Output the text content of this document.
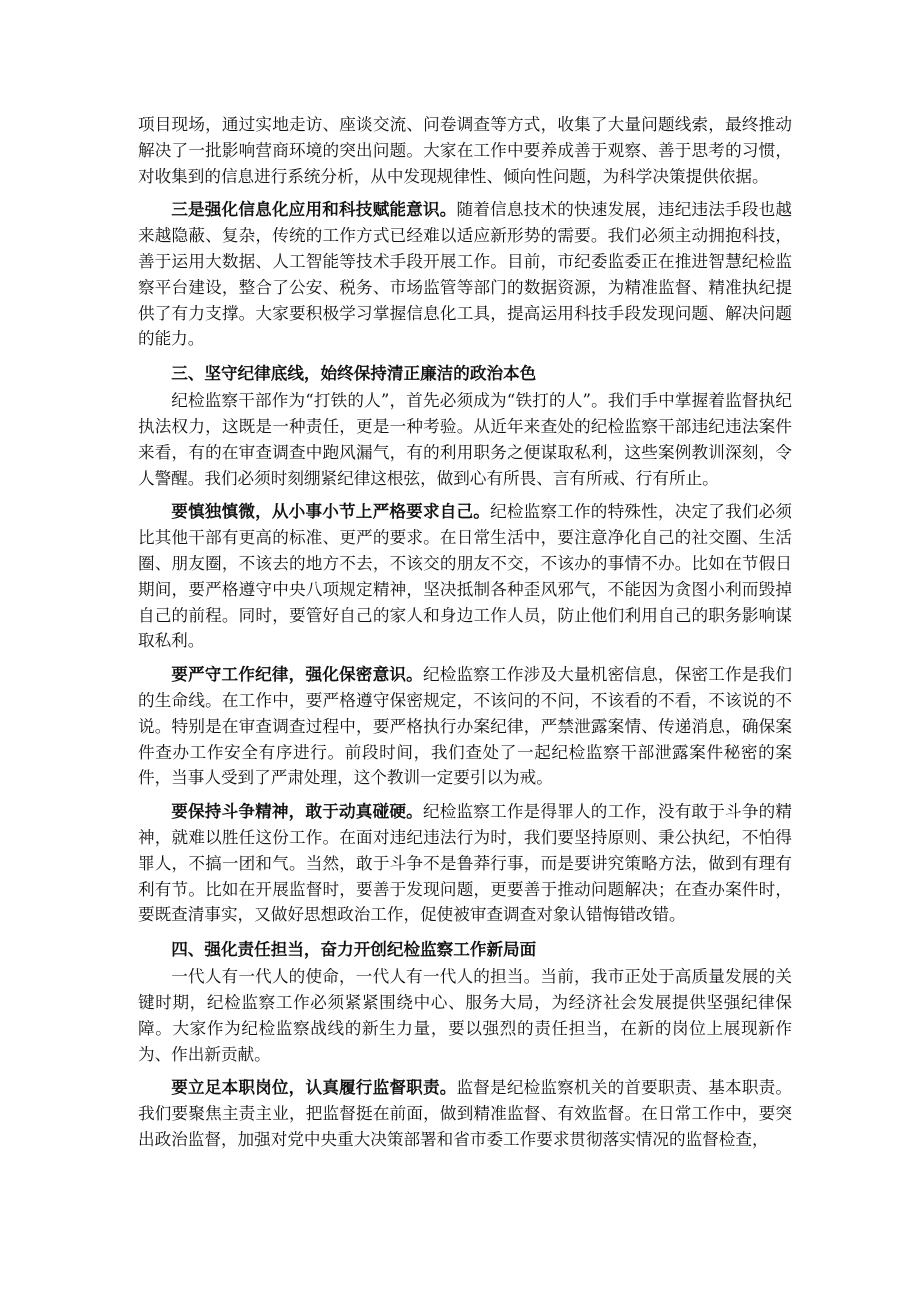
项目现场，通过实地走访、座谈交流、问卷调查等方式，收集了大量问题线索，最终推动解决了一批影响营商环境的突出问题。大家在工作中要养成善于观察、善于思考的习惯，对收集到的信息进行系统分析，从中发现规律性、倾向性问题，为科学决策提供依据。

三是强化信息化应用和科技赋能意识。随着信息技术的快速发展，违纪违法手段也越来越隐蔽、复杂，传统的工作方式已经难以适应新形势的需要。我们必须主动拥抱科技，善于运用大数据、人工智能等技术手段开展工作。目前，市纪委监委正在推进智慧纪检监察平台建设，整合了公安、税务、市场监管等部门的数据资源，为精准监督、精准执纪提供了有力支撑。大家要积极学习掌握信息化工具，提高运用科技手段发现问题、解决问题的能力。

三、坚守纪律底线，始终保持清正廉洁的政治本色

纪检监察干部作为“打铁的人”，首先必须成为“铁打的人”。我们手中掌握着监督执纪执法权力，这既是一种责任，更是一种考验。从近年来查处的纪检监察干部违纪违法案件来看，有的在审查调查中跑风漏气，有的利用职务之便谋取私利，这些案例教训深刻，令人警醒。我们必须时刻绷紧纪律这根弦，做到心有所畏、言有所戒、行有所止。

要慎独慎微，从小事小节上严格要求自己。纪检监察工作的特殊性，决定了我们必须比其他干部有更高的标准、更严的要求。在日常生活中，要注意净化自己的社交圈、生活圈、朋友圈，不该去的地方不去，不该交的朋友不交，不该办的事情不办。比如在节假日期间，要严格遵守中央八项规定精神，坚决抵制各种歪风邪气，不能因为贪图小利而毁掉自己的前程。同时，要管好自己的家人和身边工作人员，防止他们利用自己的职务影响谋取私利。

要严守工作纪律，强化保密意识。纪检监察工作涉及大量机密信息，保密工作是我们的生命线。在工作中，要严格遵守保密规定，不该问的不问，不该看的不看，不该说的不说。特别是在审查调查过程中，要严格执行办案纪律，严禁泄露案情、传递消息，确保案件查办工作安全有序进行。前段时间，我们查处了一起纪检监察干部泄露案件秘密的案件，当事人受到了严肃处理，这个教训一定要引以为戒。

要保持斗争精神，敢于动真碰硬。纪检监察工作是得罪人的工作，没有敢于斗争的精神，就难以胜任这份工作。在面对违纪违法行为时，我们要坚持原则、秉公执纪，不怕得罪人，不搞一团和气。当然，敢于斗争不是鲁莽行事，而是要讲究策略方法，做到有理有利有节。比如在开展监督时，要善于发现问题，更要善于推动问题解决；在查办案件时，要既查清事实，又做好思想政治工作，促使被审查调查对象认错悔错改错。

四、强化责任担当，奋力开创纪检监察工作新局面

一代人有一代人的使命，一代人有一代人的担当。当前，我市正处于高质量发展的关键时期，纪检监察工作必须紧紧围绕中心、服务大局，为经济社会发展提供坚强纪律保障。大家作为纪检监察战线的新生力量，要以强烈的责任担当，在新的岗位上展现新作为、作出新贡献。

要立足本职岗位，认真履行监督职责。监督是纪检监察机关的首要职责、基本职责。我们要聚焦主责主业，把监督挺在前面，做到精准监督、有效监督。在日常工作中，要突出政治监督，加强对党中央重大决策部署和省市委工作要求贯彻落实情况的监督检查，
